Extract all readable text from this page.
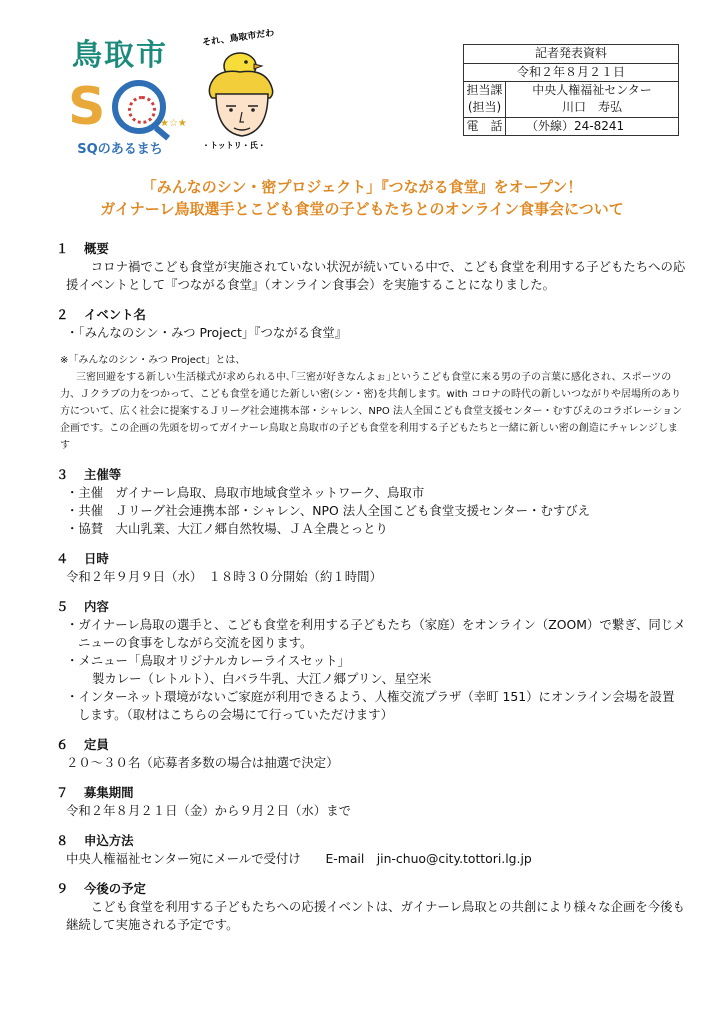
鳥取市
S	★☆★
SQのあるまち
それ、鳥取市だわ
・トットリ・氏・
記者発表資料
令和２年８月２１日
担当課	中央人権福祉センター
(担当)	川口　寿弘
電　話	（外線）24-8241
「みんなのシン・密プロジェクト」『つながる食堂』をオープン！
ガイナーレ鳥取選手とこども食堂の子どもたちとのオンライン食事会について
１	概要
コロナ禍でこども食堂が実施されていない状況が続いている中で、こども食堂を利用する子どもたちへの応援イベントとして『つながる食堂』（オンライン食事会）を実施することになりました。
２	イベント名
・「みんなのシン・みつ Project」『つながる食堂』
※「みんなのシン・みつ Project」とは、
三密回避をする新しい生活様式が求められる中､｢三密が好きなんよぉ｣というこども食堂に来る男の子の言葉に感化され、スポーツの力、Ｊクラブの力をつかって、こども食堂を通じた新しい密(シン・密)を共創します。with コロナの時代の新しいつながりや居場所のあり方について、広く社会に提案するＪリーグ社会連携本部・シャレン、NPO 法人全国こども食堂支援センター・むすびえのコラボレーション企画です。この企画の先頭を切ってガイナーレ鳥取と鳥取市の子ども食堂を利用する子どもたちと一緒に新しい密の創造にチャレンジします
３	主催等
・主催　ガイナーレ鳥取、鳥取市地域食堂ネットワーク、鳥取市
・共催　Ｊリーグ社会連携本部・シャレン、NPO 法人全国こども食堂支援センター・むすびえ
・協賛　大山乳業、大江ノ郷自然牧場、ＪＡ全農とっとり
４	日時
令和２年９月９日（水）　１８時３０分開始（約１時間）
５	内容
・ガイナーレ鳥取の選手と、こども食堂を利用する子どもたち（家庭）をオンライン（ZOOM）で繋ぎ、同じメニューの食事をしながら交流を図ります。
・メニュー「鳥取オリジナルカレーライスセット」
製カレー（レトルト）、白バラ牛乳、大江ノ郷プリン、星空米
・インターネット環境がないご家庭が利用できるよう、人権交流プラザ（幸町 151）にオンライン会場を設置します。（取材はこちらの会場にて行っていただけます）
６	定員
２０～３０名（応募者多数の場合は抽選で決定）
７	募集期間
令和２年８月２１日（金）から９月２日（水）まで
８	申込方法
中央人権福祉センター宛にメールで受付け　　E-mail　jin-chuo@city.tottori.lg.jp
９	今後の予定
こども食堂を利用する子どもたちへの応援イベントは、ガイナーレ鳥取との共創により様々な企画を今後も継続して実施される予定です。
